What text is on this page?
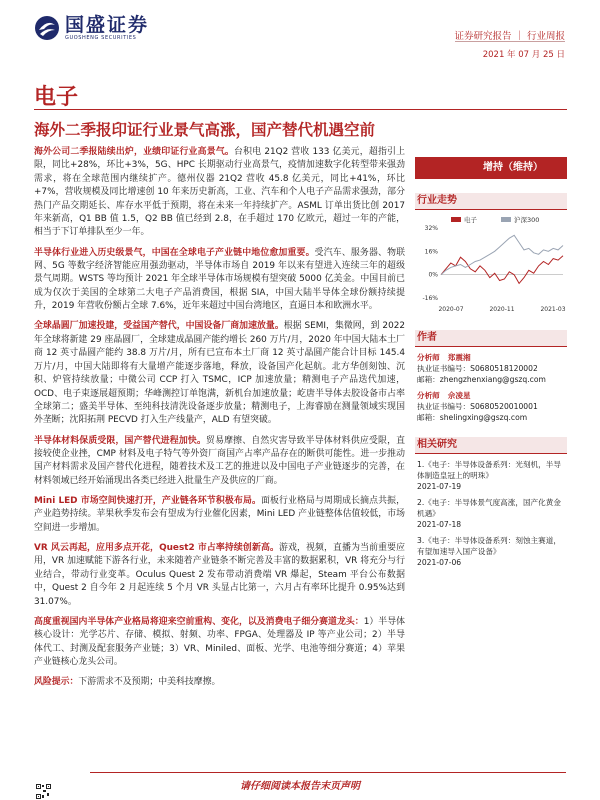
国盛证券
GUOSHENG SECURITIES	证券研究报告 ｜ 行业周报
2021 年 07 月 25 日
电子
海外二季报印证行业景气高涨，国产替代机遇空前

海外公司二季报陆续出炉，业绩印证行业高景气。台积电 21Q2 营收 133 亿美元，超指引上限，同比+28%，环比+3%，5G、HPC 长期驱动行业高景气，疫情加速数字化转型带来强劲需求，将在全球范围内继续扩产。德州仪器 21Q2 营收 45.8 亿美元，同比+41%，环比+7%，营收规模及同比增速创 10 年来历史新高，工业、汽车和个人电子产品需求强劲，部分热门产品交期延长、库存水平低于预期，将在未来一年持续扩产。ASML 订单出货比创 2017 年来新高，Q1 BB 值 1.5，Q2 BB 值已经到 2.8，在手超过 170 亿欧元，超过一年的产能，相当于下订单排队至少一年。

半导体行业进入历史级景气，中国在全球电子产业链中地位愈加重要。受汽车、服务器、物联网、5G 等数字经济智能应用强劲驱动，半导体市场自 2019 年以来有望进入连续三年的超级景气周期。WSTS 等均预计 2021 年全球半导体市场规模有望突破 5000 亿美金。中国目前已成为仅次于美国的全球第二大电子产品消费国，根据 SIA，中国大陆半导体全球份额持续提升，2019 年营收份额占全球 7.6%，近年来超过中国台湾地区，直逼日本和欧洲水平。

全球晶圆厂加速投建，受益国产替代，中国设备厂商加速放量。根据 SEMI，集微网，到 2022 年全球将新建 29 座晶圆厂，全球建成晶圆产能约增长 260 万片/月，2020 年中国大陆本土厂商 12 英寸晶圆产能约 38.8 万片/月，所有已宣布本土厂商 12 英寸晶圆产能合计目标 145.4 万片/月，中国大陆即将有大量增产能逐步落地，释放，设备国产化起航。北方华创刻蚀、沉积、炉管持续放量；中微公司 CCP 打入 TSMC，ICP 加速放量；精测电子产品迭代加速，OCD、电子束逐展超预期；华峰测控订单饱满，新机台加速放量；屹唐半导体去胶设备市占率全球第二；盛美半导体、至纯科技清洗设备逐步放量；精测电子，上海睿励在测量领域实现国外垄断；沈阳拓荆 PECVD 打入生产线量产，ALD 有望突破。

半导体材料保质受限，国产替代进程加快。贸易摩擦、自然灾害导致半导体材料供应受限，直接较使企业挫，CMP 材料及电子特气等外资厂商国产占率产品存在的断供可能性。进一步推动国产材料需求及国产替代化进程，随着技术及工艺的推进以及中国电子产业链逐步的完善，在材料领域已经开始涌现出各类已经进入批量生产及供应的厂商。

Mini LED 市场空间快速打开，产业链各环节积极布局。面板行业格局与周期成长摘点共振，产业趋势持续。苹果秋季发布会有望成为行业催化因素，Mini LED 产业链整体估值较低，市场空间进一步增加。

VR 风云再起，应用多点开花，Quest2 市占率持续创新高。游戏，视频，直播为当前重要应用，VR 加速赋能下游各行业，未来随着产业链条不断完善及丰富的数据累积，VR 将充分与行业结合，带动行业变革。Oculus Quest 2 发布带动消费端 VR 爆起，Steam 平台公布数据中，Quest 2 自今年 2 月起连续 5 个月 VR 头显占比第一，六月占有率环比提升 0.95%达到 31.07%。

高度重视国内半导体产业格局将迎来空前重构、变化，以及消费电子细分赛道龙头：1）半导体核心设计：光学芯片、存储、模拟、射频、功率、FPGA、处理器及 IP 等产业公司；2）半导体代工、封测及配套服务产业链；3）VR、Miniled、面板、光学、电池等细分赛道；4）苹果产业链核心龙头公司。

风险提示：下游需求不及预期；中美科技摩擦。

增持（维持）
行业走势
电子	沪深300
32%
16%
0%
-16%
2020-07	2020-11	2021-03
作者
分析师 郑震湘
执业证书编号：S0680518120002
邮箱：zhengzhenxiang@gszq.com
分析师 佘凌星
执业证书编号：S0680520010001
邮箱：shelingxing@gszq.com
相关研究
1.《电子：半导体设备系列：光刻机，半导体制造皇冠上的明珠》
2021-07-19
2.《电子：半导体景气度高涨，国产化黄金机遇》
2021-07-18
3.《电子：半导体设备系列：刻蚀主赛道，有望加速导入国产设备》
2021-07-06
请仔细阅读本报告末页声明
